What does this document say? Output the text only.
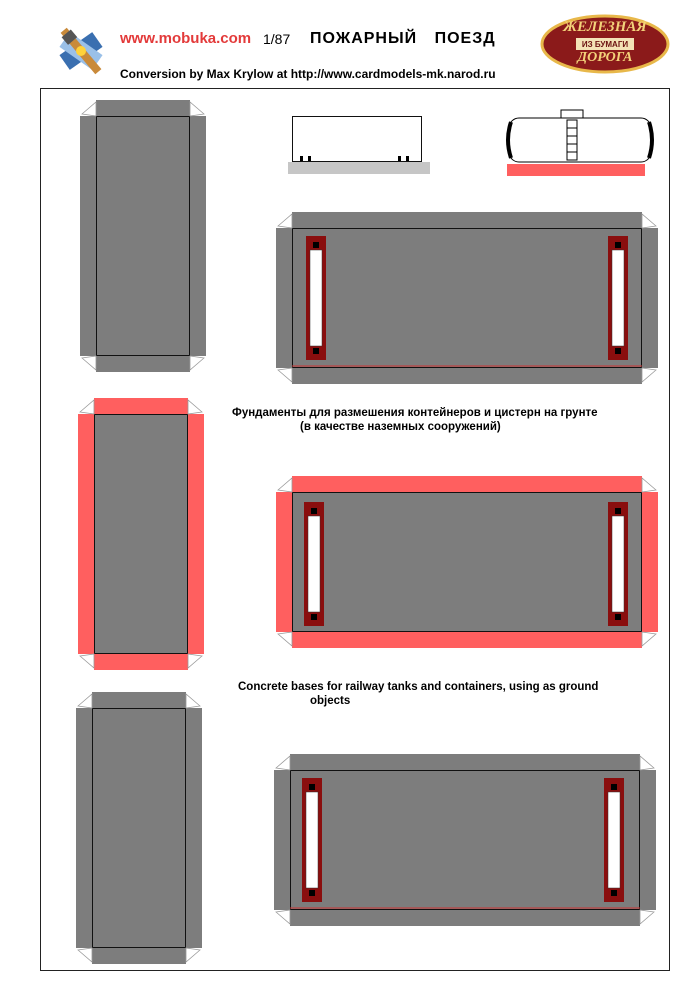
www.mobuka.com 1/87 ПОЖАРНЫЙ ПОЕЗД
Conversion by Max Krylow at http://www.cardmodels-mk.narod.ru
ЖЕЛЕЗНАЯ
ИЗ БУМАГИ
ДОРОГА
Фундаменты для размешения контейнеров и цистерн на грунте
(в качестве наземных сооружений)
Concrete bases for railway tanks and containers, using as ground
objects
